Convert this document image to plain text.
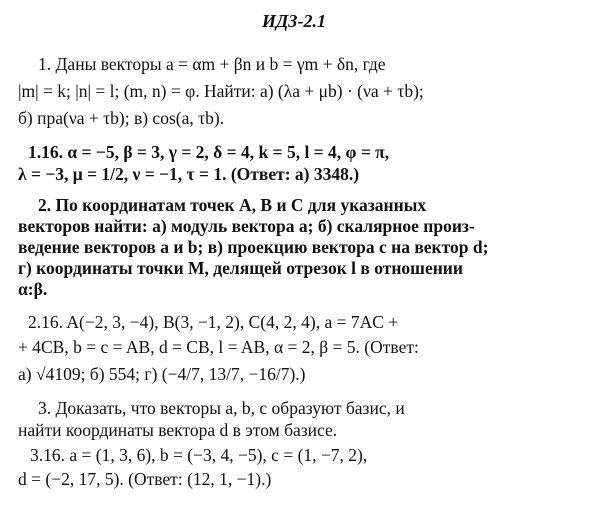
ИДЗ-2.1
1. Даны векторы a = αm + βn и b = γm + δn, где
|m| = k; |n| = l; (m, n) = φ. Найти: а) (λa + μb) · (νa + τb);
б) прa(νa + τb); в) cos(a, τb).
1.16. α = −5, β = 3, γ = 2, δ = 4, k = 5, l = 4, φ = π,
λ = −3, μ = 1/2, ν = −1, τ = 1. (Ответ: а) 3348.)
2. По координатам точек A, B и C для указанных
векторов найти: а) модуль вектора a; б) скалярное произ-
ведение векторов a и b; в) проекцию вектора c на вектор d;
г) координаты точки M, делящей отрезок l в отношении
α:β.
2.16. A(−2, 3, −4), B(3, −1, 2), C(4, 2, 4), a = 7AC +
+ 4CB, b = c = AB, d = CB, l = AB, α = 2, β = 5. (Ответ:
а) √4109; б) 554; г) (−4/7, 13/7, −16/7).)
3. Доказать, что векторы a, b, c образуют базис, и
найти координаты вектора d в этом базисе.
3.16. a = (1, 3, 6), b = (−3, 4, −5), c = (1, −7, 2),
d = (−2, 17, 5). (Ответ: (12, 1, −1).)
